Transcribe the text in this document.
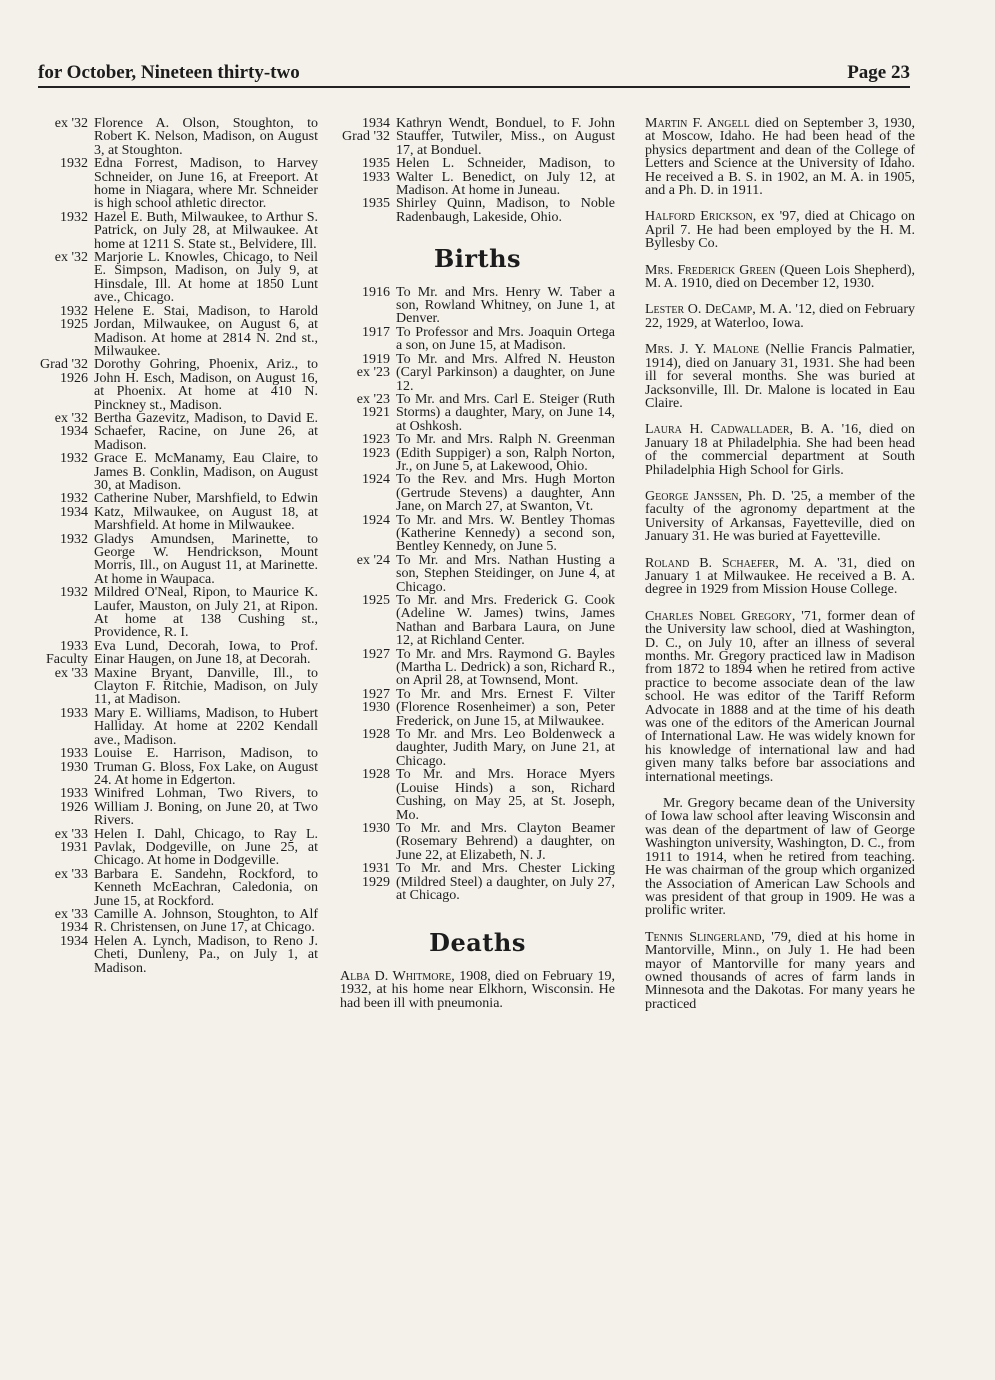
for October, Nineteen thirty-two	Page 23
ex '32 Florence A. Olson, Stoughton, to Robert K. Nelson, Madison, on August 3, at Stoughton.
1932 Edna Forrest, Madison, to Harvey Schneider, on June 16, at Freeport. At home in Niagara, where Mr. Schneider is high school athletic director.
1932 Hazel E. Buth, Milwaukee, to Arthur S. Patrick, on July 28, at Milwaukee. At home at 1211 S. State st., Belvidere, Ill.
ex '32 Marjorie L. Knowles, Chicago, to Neil E. Simpson, Madison, on July 9, at Hinsdale, Ill. At home at 1850 Lunt ave., Chicago.
1932
1925
Helene E. Stai, Madison, to Harold Jordan, Milwaukee, on August 6, at Madison. At home at 2814 N. 2nd st., Milwaukee.
Grad '32
1926
Dorothy Gohring, Phoenix, Ariz., to John H. Esch, Madison, on August 16, at Phoenix. At home at 410 N. Pinckney st., Madison.
ex '32
1934
Bertha Gazevitz, Madison, to David E. Schaefer, Racine, on June 26, at Madison.
1932 Grace E. McManamy, Eau Claire, to James B. Conklin, Madison, on August 30, at Madison.
1932
1934
Catherine Nuber, Marshfield, to Edwin Katz, Milwaukee, on August 18, at Marshfield. At home in Milwaukee.
1932 Gladys Amundsen, Marinette, to George W. Hendrickson, Mount Morris, Ill., on August 11, at Marinette. At home in Waupaca.
1932 Mildred O'Neal, Ripon, to Maurice K. Laufer, Mauston, on July 21, at Ripon. At home at 138 Cushing st., Providence, R. I.
1933
Faculty
Eva Lund, Decorah, Iowa, to Prof. Einar Haugen, on June 18, at Decorah.
ex '33 Maxine Bryant, Danville, Ill., to Clayton F. Ritchie, Madison, on July 11, at Madison.
1933 Mary E. Williams, Madison, to Hubert Halliday. At home at 2202 Kendall ave., Madison.
1933
1930
Louise E. Harrison, Madison, to Truman G. Bloss, Fox Lake, on August 24. At home in Edgerton.
1933
1926
Winifred Lohman, Two Rivers, to William J. Boning, on June 20, at Two Rivers.
ex '33
1931
Helen I. Dahl, Chicago, to Ray L. Pavlak, Dodgeville, on June 25, at Chicago. At home in Dodgeville.
ex '33 Barbara E. Sandehn, Rockford, to Kenneth McEachran, Caledonia, on June 15, at Rockford.
ex '33
1934
Camille A. Johnson, Stoughton, to Alf R. Christensen, on June 17, at Chicago.
1934 Helen A. Lynch, Madison, to Reno J. Cheti, Dunleny, Pa., on July 1, at Madison.
1934
Grad '32
Kathryn Wendt, Bonduel, to F. John Stauffer, Tutwiler, Miss., on August 17, at Bonduel.
1935
1933
Helen L. Schneider, Madison, to Walter L. Benedict, on July 12, at Madison. At home in Juneau.
1935 Shirley Quinn, Madison, to Noble Radenbaugh, Lakeside, Ohio.
Births
1916 To Mr. and Mrs. Henry W. Taber a son, Rowland Whitney, on June 1, at Denver.
1917 To Professor and Mrs. Joaquin Ortega a son, on June 15, at Madison.
1919
ex '23
To Mr. and Mrs. Alfred N. Heuston (Caryl Parkinson) a daughter, on June 12.
ex '23
1921
To Mr. and Mrs. Carl E. Steiger (Ruth Storms) a daughter, Mary, on June 14, at Oshkosh.
1923
1923
To Mr. and Mrs. Ralph N. Greenman (Edith Suppiger) a son, Ralph Norton, Jr., on June 5, at Lakewood, Ohio.
1924 To the Rev. and Mrs. Hugh Morton (Gertrude Stevens) a daughter, Ann Jane, on March 27, at Swanton, Vt.
1924 To Mr. and Mrs. W. Bentley Thomas (Katherine Kennedy) a second son, Bentley Kennedy, on June 5.
ex '24 To Mr. and Mrs. Nathan Husting a son, Stephen Steidinger, on June 4, at Chicago.
1925 To Mr. and Mrs. Frederick G. Cook (Adeline W. James) twins, James Nathan and Barbara Laura, on June 12, at Richland Center.
1927 To Mr. and Mrs. Raymond G. Bayles (Martha L. Dedrick) a son, Richard R., on April 28, at Townsend, Mont.
1927
1930
To Mr. and Mrs. Ernest F. Vilter (Florence Rosenheimer) a son, Peter Frederick, on June 15, at Milwaukee.
1928 To Mr. and Mrs. Leo Boldenweck a daughter, Judith Mary, on June 21, at Chicago.
1928 To Mr. and Mrs. Horace Myers (Louise Hinds) a son, Richard Cushing, on May 25, at St. Joseph, Mo.
1930 To Mr. and Mrs. Clayton Beamer (Rosemary Behrend) a daughter, on June 22, at Elizabeth, N. J.
1931
1929
To Mr. and Mrs. Chester Licking (Mildred Steel) a daughter, on July 27, at Chicago.
Deaths
Alba D. Whitmore, 1908, died on February 19, 1932, at his home near Elkhorn, Wisconsin. He had been ill with pneumonia.
Martin F. Angell died on September 3, 1930, at Moscow, Idaho. He had been head of the physics department and dean of the College of Letters and Science at the University of Idaho. He received a B. S. in 1902, an M. A. in 1905, and a Ph. D. in 1911.
Halford Erickson, ex '97, died at Chicago on April 7. He had been employed by the H. M. Byllesby Co.
Mrs. Frederick Green (Queen Lois Shepherd), M. A. 1910, died on December 12, 1930.
Lester O. DeCamp, M. A. '12, died on February 22, 1929, at Waterloo, Iowa.
Mrs. J. Y. Malone (Nellie Francis Palmatier, 1914), died on January 31, 1931. She had been ill for several months. She was buried at Jacksonville, Ill. Dr. Malone is located in Eau Claire.
Laura H. Cadwallader, B. A. '16, died on January 18 at Philadelphia. She had been head of the commercial department at South Philadelphia High School for Girls.
George Janssen, Ph. D. '25, a member of the faculty of the agronomy department at the University of Arkansas, Fayetteville, died on January 31. He was buried at Fayetteville.
Roland B. Schaefer, M. A. '31, died on January 1 at Milwaukee. He received a B. A. degree in 1929 from Mission House College.
Charles Nobel Gregory, '71, former dean of the University law school, died at Washington, D. C., on July 10, after an illness of several months. Mr. Gregory practiced law in Madison from 1872 to 1894 when he retired from active practice to become associate dean of the law school. He was editor of the Tariff Reform Advocate in 1888 and at the time of his death was one of the editors of the American Journal of International Law. He was widely known for his knowledge of international law and had given many talks before bar associations and international meetings.
Mr. Gregory became dean of the University of Iowa law school after leaving Wisconsin and was dean of the department of law of George Washington university, Washington, D. C., from 1911 to 1914, when he retired from teaching. He was chairman of the group which organized the Association of American Law Schools and was president of that group in 1909. He was a prolific writer.
Tennis Slingerland, '79, died at his home in Mantorville, Minn., on July 1. He had been mayor of Mantorville for many years and owned thousands of acres of farm lands in Minnesota and the Dakotas. For many years he practiced
